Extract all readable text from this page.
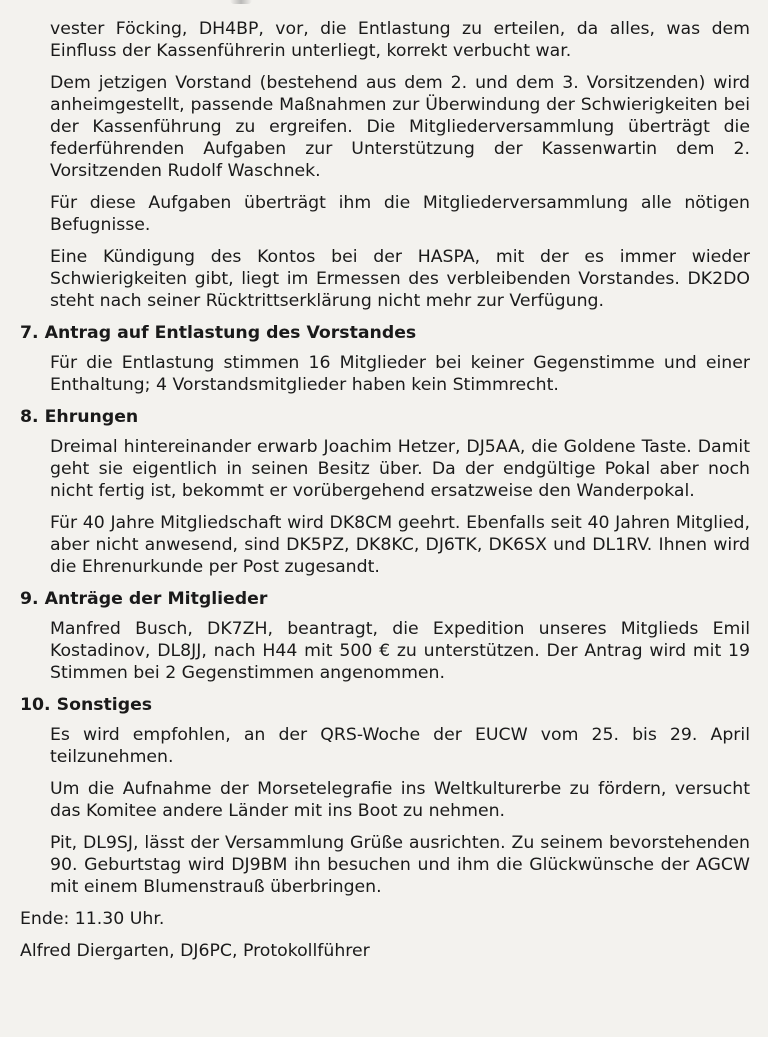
vester Föcking, DH4BP, vor, die Entlastung zu erteilen, da alles, was dem Einfluss der Kassenführerin unterliegt, korrekt verbucht war.

Dem jetzigen Vorstand (bestehend aus dem 2. und dem 3. Vorsitzenden) wird anheimgestellt, passende Maßnahmen zur Überwindung der Schwierigkeiten bei der Kassenführung zu ergreifen. Die Mitgliederversammlung überträgt die federführenden Aufgaben zur Unterstützung der Kassenwartin dem 2. Vorsitzenden Rudolf Waschnek.

Für diese Aufgaben überträgt ihm die Mitgliederversammlung alle nötigen Befugnisse.

Eine Kündigung des Kontos bei der HASPA, mit der es immer wieder Schwierigkeiten gibt, liegt im Ermessen des verbleibenden Vorstandes. DK2DO steht nach seiner Rücktrittserklärung nicht mehr zur Verfügung.

7. Antrag auf Entlastung des Vorstandes

Für die Entlastung stimmen 16 Mitglieder bei keiner Gegenstimme und einer Enthaltung; 4 Vorstandsmitglieder haben kein Stimmrecht.

8. Ehrungen

Dreimal hintereinander erwarb Joachim Hetzer, DJ5AA, die Goldene Taste. Damit geht sie eigentlich in seinen Besitz über. Da der endgültige Pokal aber noch nicht fertig ist, bekommt er vorübergehend ersatzweise den Wanderpokal.

Für 40 Jahre Mitgliedschaft wird DK8CM geehrt. Ebenfalls seit 40 Jahren Mitglied, aber nicht anwesend, sind DK5PZ, DK8KC, DJ6TK, DK6SX und DL1RV. Ihnen wird die Ehrenurkunde per Post zugesandt.

9. Anträge der Mitglieder

Manfred Busch, DK7ZH, beantragt, die Expedition unseres Mitglieds Emil Kostadinov, DL8JJ, nach H44 mit 500 € zu unterstützen. Der Antrag wird mit 19 Stimmen bei 2 Gegenstimmen angenommen.

10. Sonstiges

Es wird empfohlen, an der QRS-Woche der EUCW vom 25. bis 29. April teilzunehmen.

Um die Aufnahme der Morsetelegrafie ins Weltkulturerbe zu fördern, versucht das Komitee andere Länder mit ins Boot zu nehmen.

Pit, DL9SJ, lässt der Versammlung Grüße ausrichten. Zu seinem bevorstehenden 90. Geburtstag wird DJ9BM ihn besuchen und ihm die Glückwünsche der AGCW mit einem Blumenstrauß überbringen.

Ende: 11.30 Uhr.

Alfred Diergarten, DJ6PC, Protokollführer
